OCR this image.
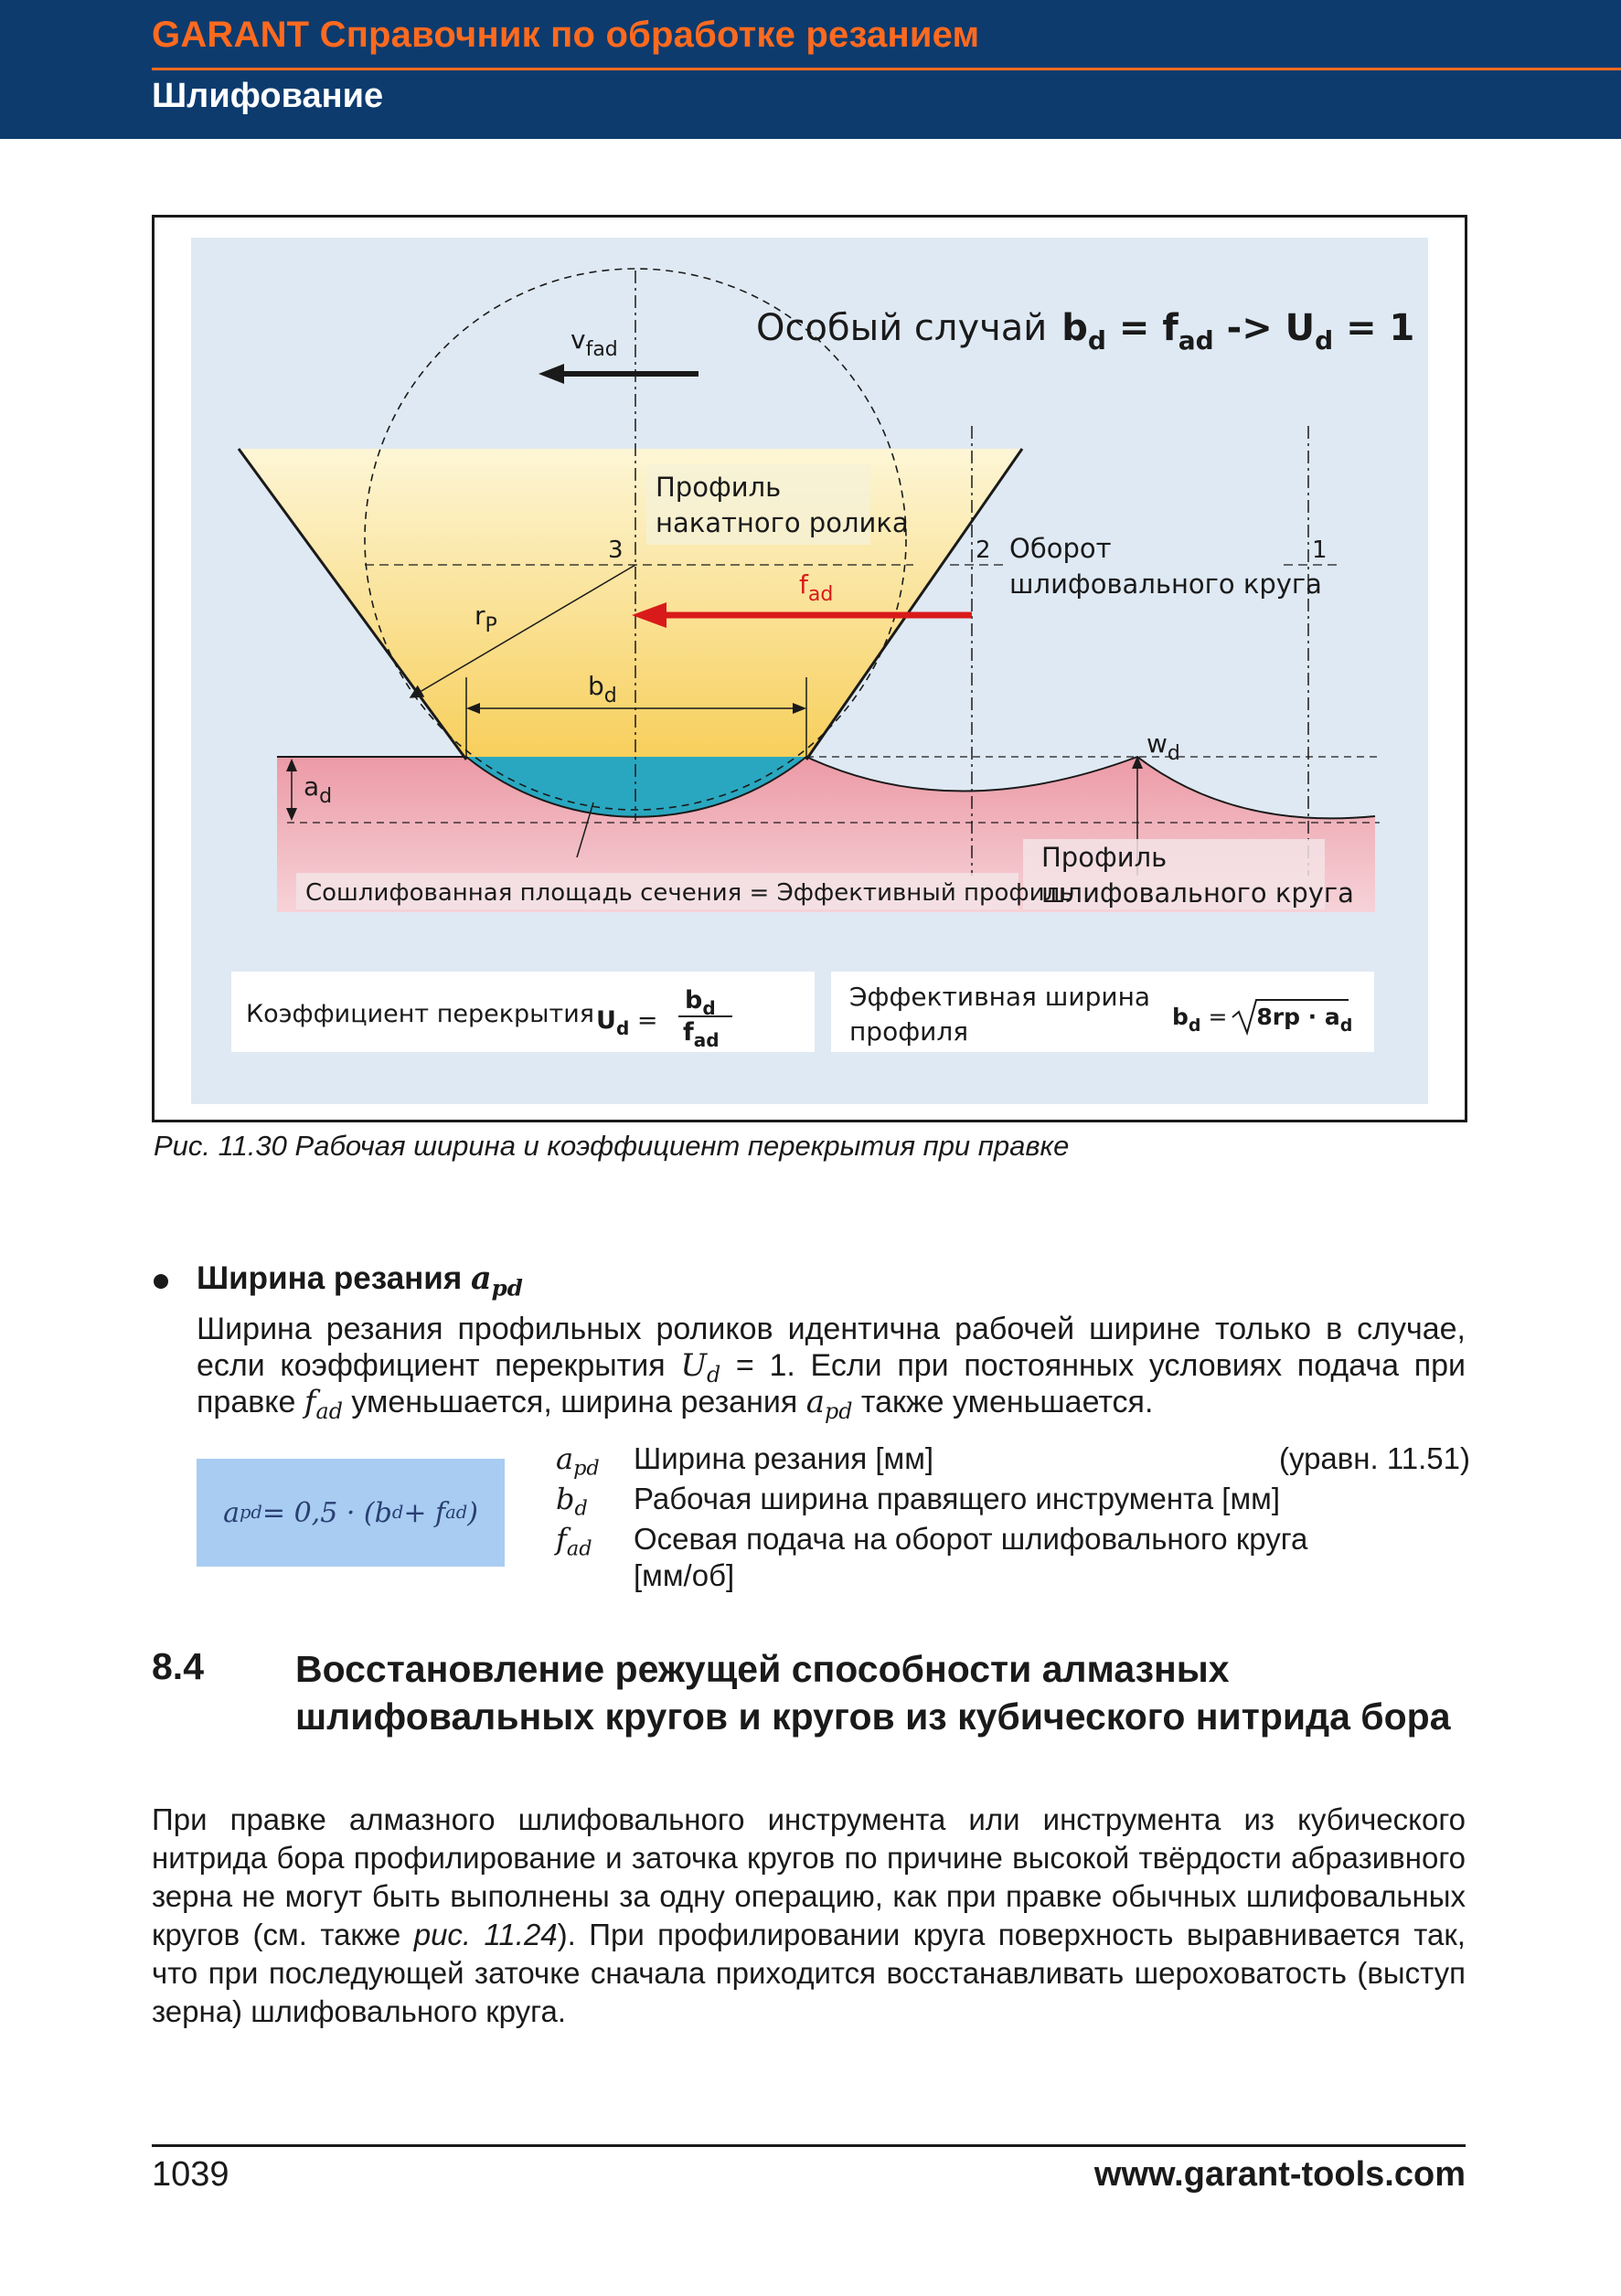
GARANT Справочник по обработке резанием
Шлифование
Особый случай $b_d = f_{ad} -> U_d = 1$
$v_{fad}$
Профиль накатного ролика
Оборот шлифовального круга
3	2	1
$f_{ad}$
$r_P$
$b_d$
$a_d$
$w_d$
Сошлифованная площадь сечения = Эффективный профиль
Профиль шлифовального круга
Коэффициент перекрытия $U_d$ =
$b_d$
$f_{ad}$
Эффективная ширина профиля	$b_d = 8rp \cdot a_d$
Рис. 11.30 Рабочая ширина и коэффициент перекрытия при правке
Ширина резания $a_{pd}$
Ширина резания профильных роликов идентична рабочей ширине только в случае, если коэффициент перекрытия $U_d = 1$. Если при постоянных условиях подача при правке $f_{ad}$ уменьшается, ширина резания $a_{pd}$ также уменьшается.
a pd = 0,5 · (b d + f ad )
$a_{pd}$ Ширина резания [мм]	(уравн. 11.51)
$b_d$ Рабочая ширина правящего инструмента [мм]
$f_{ad}$ Осевая подача на оборот шлифовального круга [мм/об]
8.4 Восстановление режущей способности алмазных шлифовальных кругов и кругов из кубического нитрида бора
При правке алмазного шлифовального инструмента или инструмента из кубического нитрида бора профилирование и заточка кругов по причине высокой твёрдости абразивного зерна не могут быть выполнены за одну операцию, как при правке обычных шлифовальных кругов (см. также рис. 11.24). При профилировании круга поверхность выравнивается так, что при последующей заточке сначала приходится восстанавливать шероховатость (выступ зерна) шлифовального круга.
1039	www.garant-tools.com
